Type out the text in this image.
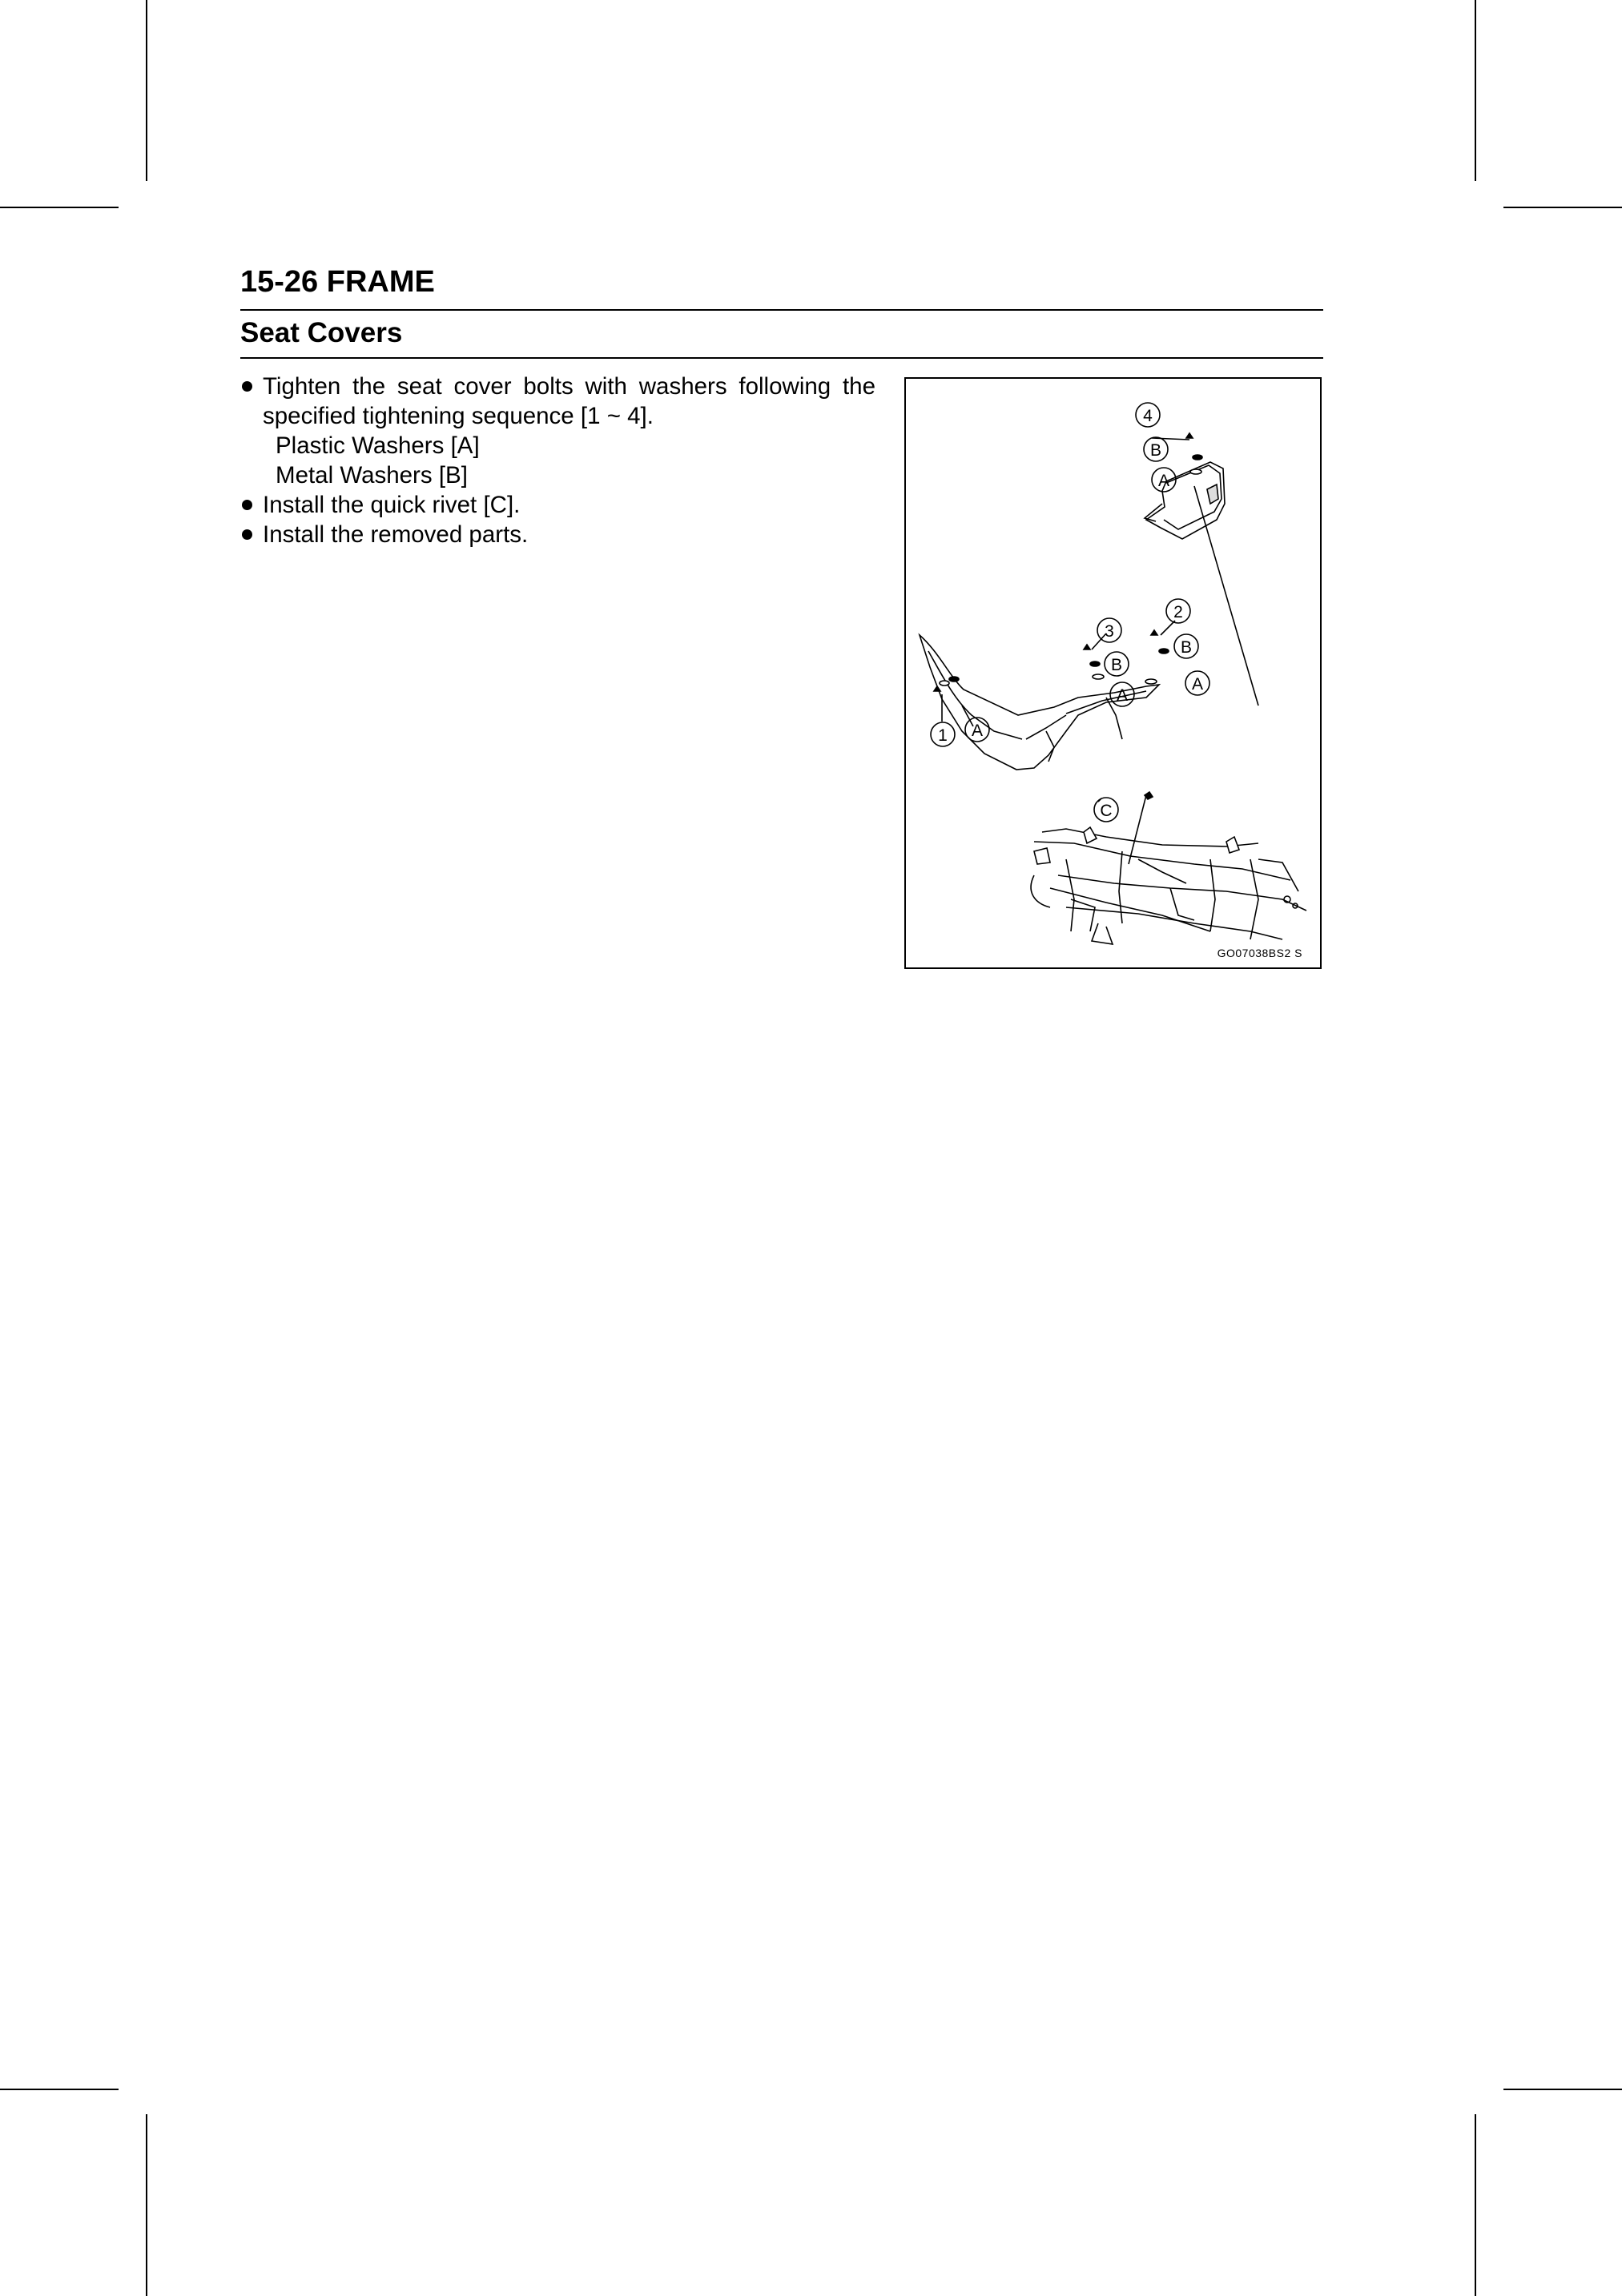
15-26 FRAME
Seat Covers
Tighten the seat cover bolts with washers following the specified tightening sequence [1 ~ 4].
Plastic Washers [A]
Metal Washers [B]
Install the quick rivet [C].
Install the removed parts.
4
B
A
2
B
A
3
B
A
1 A
C
GO07038BS2 S
